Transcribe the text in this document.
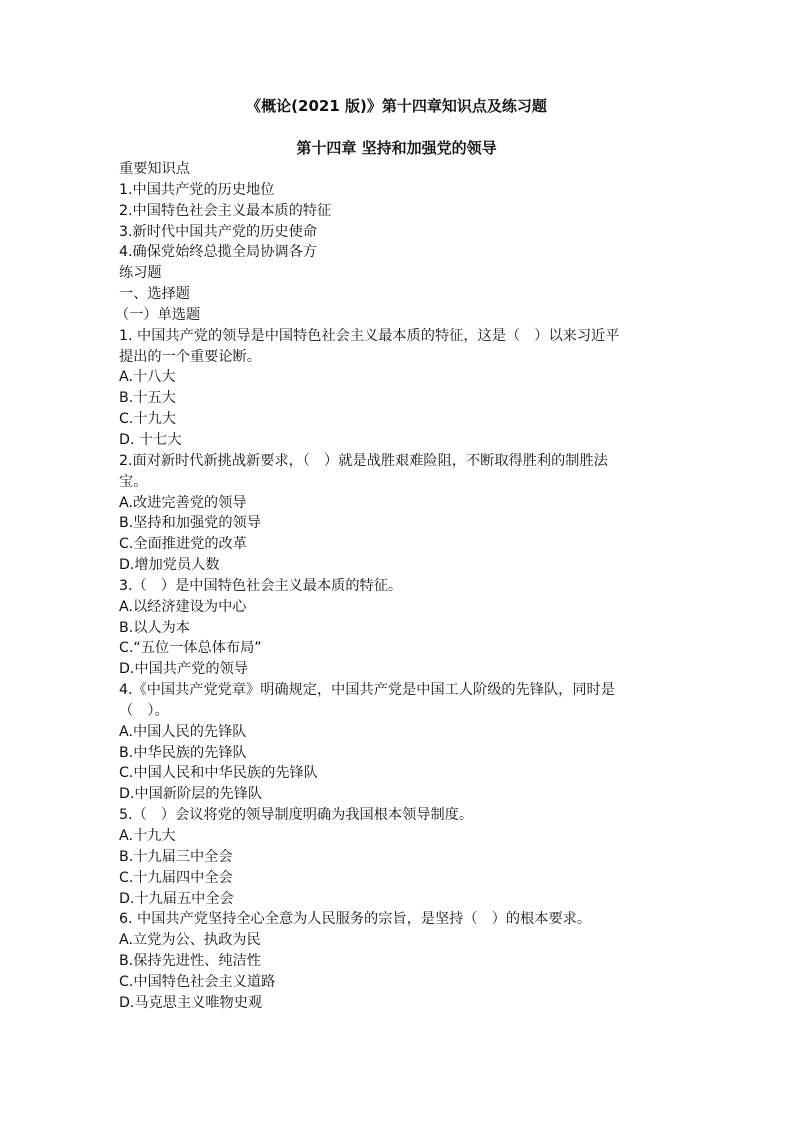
《概论(2021 版)》第十四章知识点及练习题
第十四章 坚持和加强党的领导
重要知识点
1.中国共产党的历史地位
2.中国特色社会主义最本质的特征
3.新时代中国共产党的历史使命
4.确保党始终总揽全局协调各方
练习题
一、选择题
（一）单选题
1. 中国共产党的领导是中国特色社会主义最本质的特征，这是（　）以来习近平
提出的一个重要论断。
A.十八大
B.十五大
C.十九大
D. 十七大
2.面对新时代新挑战新要求，（　）就是战胜艰难险阻，不断取得胜利的制胜法
宝。
A.改进完善党的领导
B.坚持和加强党的领导
C.全面推进党的改革
D.增加党员人数
3.（　）是中国特色社会主义最本质的特征。
A.以经济建设为中心
B.以人为本
C.“五位一体总体布局”
D.中国共产党的领导
4.《中国共产党党章》明确规定，中国共产党是中国工人阶级的先锋队，同时是
（　）。
A.中国人民的先锋队
B.中华民族的先锋队
C.中国人民和中华民族的先锋队
D.中国新阶层的先锋队
5.（　）会议将党的领导制度明确为我国根本领导制度。
A.十九大
B.十九届三中全会
C.十九届四中全会
D.十九届五中全会
6. 中国共产党坚持全心全意为人民服务的宗旨，是坚持（　）的根本要求。
A.立党为公、执政为民
B.保持先进性、纯洁性
C.中国特色社会主义道路
D.马克思主义唯物史观
